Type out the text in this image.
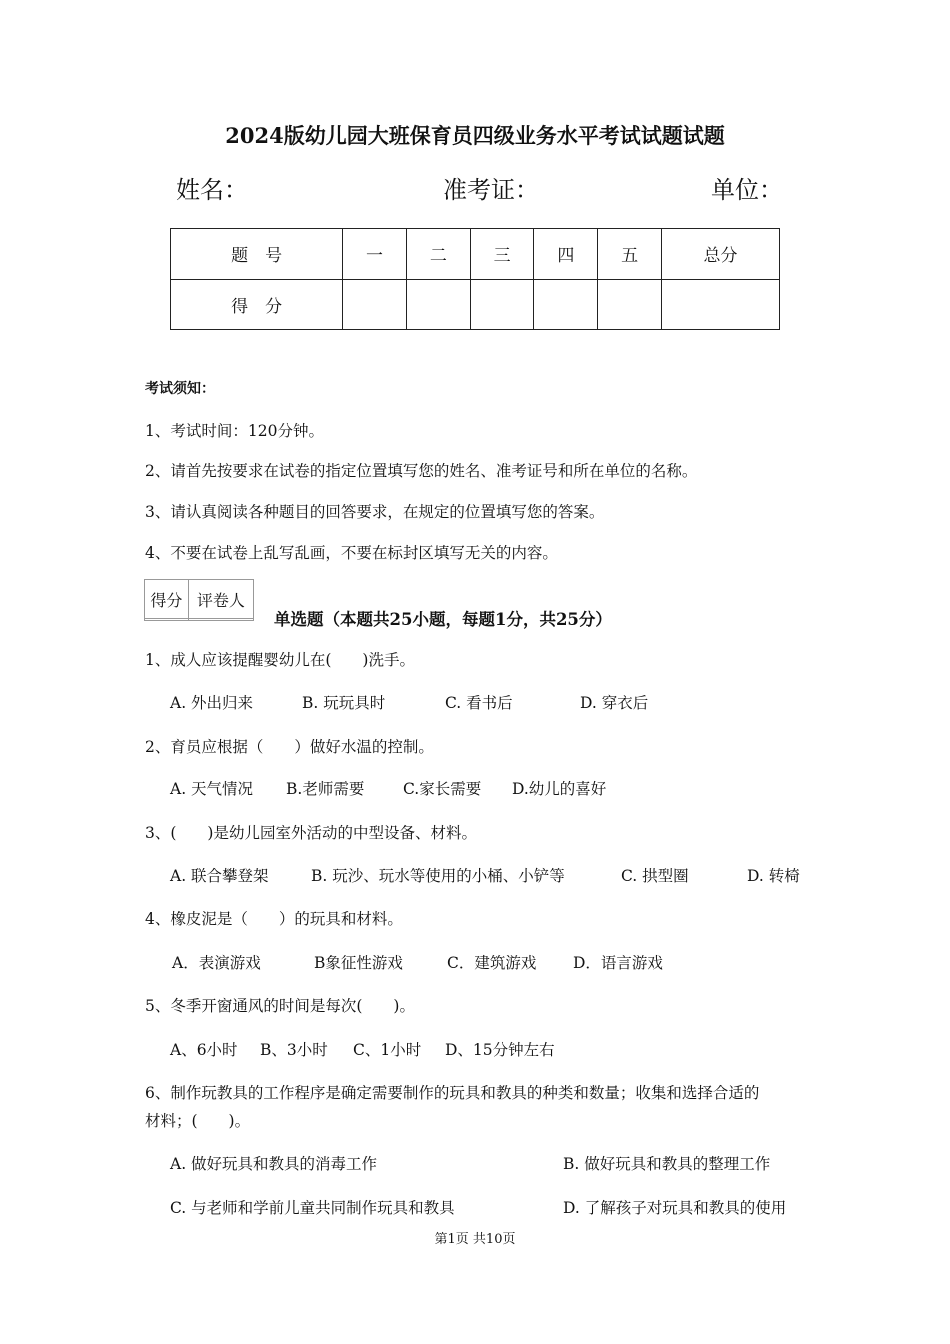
2024版幼儿园大班保育员四级业务水平考试试题试题
姓名：	准考证：	单位：
题　号	一	二	三	四	五	总分
得　分						
考试须知：
1、考试时间：120分钟。
2、请首先按要求在试卷的指定位置填写您的姓名、准考证号和所在单位的名称。
3、请认真阅读各种题目的回答要求，在规定的位置填写您的答案。
4、不要在试卷上乱写乱画，不要在标封区填写无关的内容。
得分	评卷人

单选题（本题共25小题，每题1分，共25分）
1、成人应该提醒婴幼儿在(　　)洗手。
A. 外出归来	B. 玩玩具时	C. 看书后	D. 穿衣后
2、育员应根据（　　）做好水温的控制。
A. 天气情况 B.老师需要 C.家长需要 D.幼儿的喜好
3、(　　)是幼儿园室外活动的中型设备、材料。
A. 联合攀登架	B. 玩沙、玩水等使用的小桶、小铲等	C. 拱型圈	D. 转椅
4、橡皮泥是（　　）的玩具和材料。
A．表演游戏	B象征性游戏	C．建筑游戏 D．语言游戏
5、冬季开窗通风的时间是每次(　　)。
A、6小时 B、3小时 C、1小时 D、15分钟左右
6、制作玩教具的工作程序是确定需要制作的玩具和教具的种类和数量；收集和选择合适的
材料；(　　)。
A. 做好玩具和教具的消毒工作	B. 做好玩具和教具的整理工作
C. 与老师和学前儿童共同制作玩具和教具	D. 了解孩子对玩具和教具的使用
第1页 共10页
